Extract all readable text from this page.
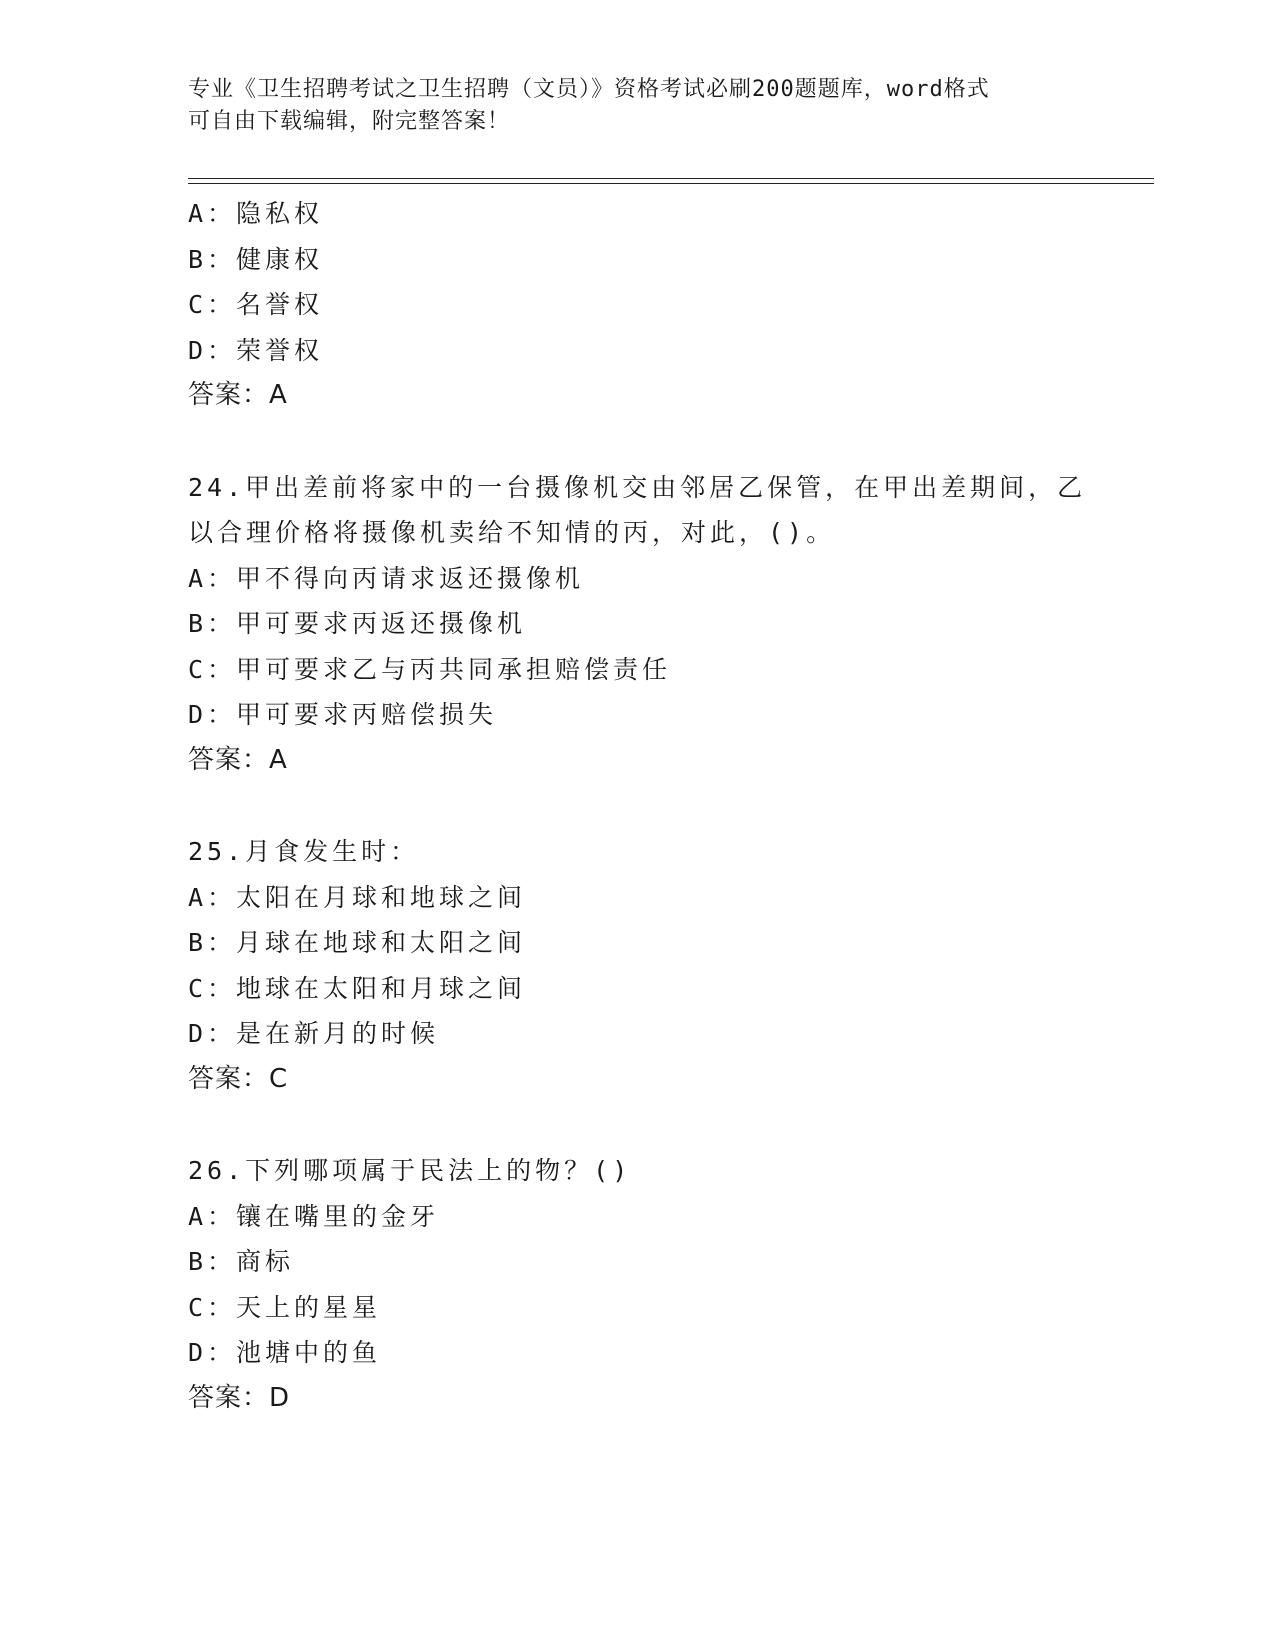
专业《卫生招聘考试之卫生招聘（文员）》资格考试必刷200题题库，word格式
可自由下载编辑，附完整答案！
A：隐私权
B：健康权
C：名誉权
D：荣誉权
答案：A
24.甲出差前将家中的一台摄像机交由邻居乙保管，在甲出差期间，乙
以合理价格将摄像机卖给不知情的丙，对此，()。
A：甲不得向丙请求返还摄像机
B：甲可要求丙返还摄像机
C：甲可要求乙与丙共同承担赔偿责任
D：甲可要求丙赔偿损失
答案：A
25.月食发生时：
A：太阳在月球和地球之间
B：月球在地球和太阳之间
C：地球在太阳和月球之间
D：是在新月的时候
答案：C
26.下列哪项属于民法上的物？()
A：镶在嘴里的金牙
B：商标
C：天上的星星
D：池塘中的鱼
答案：D
